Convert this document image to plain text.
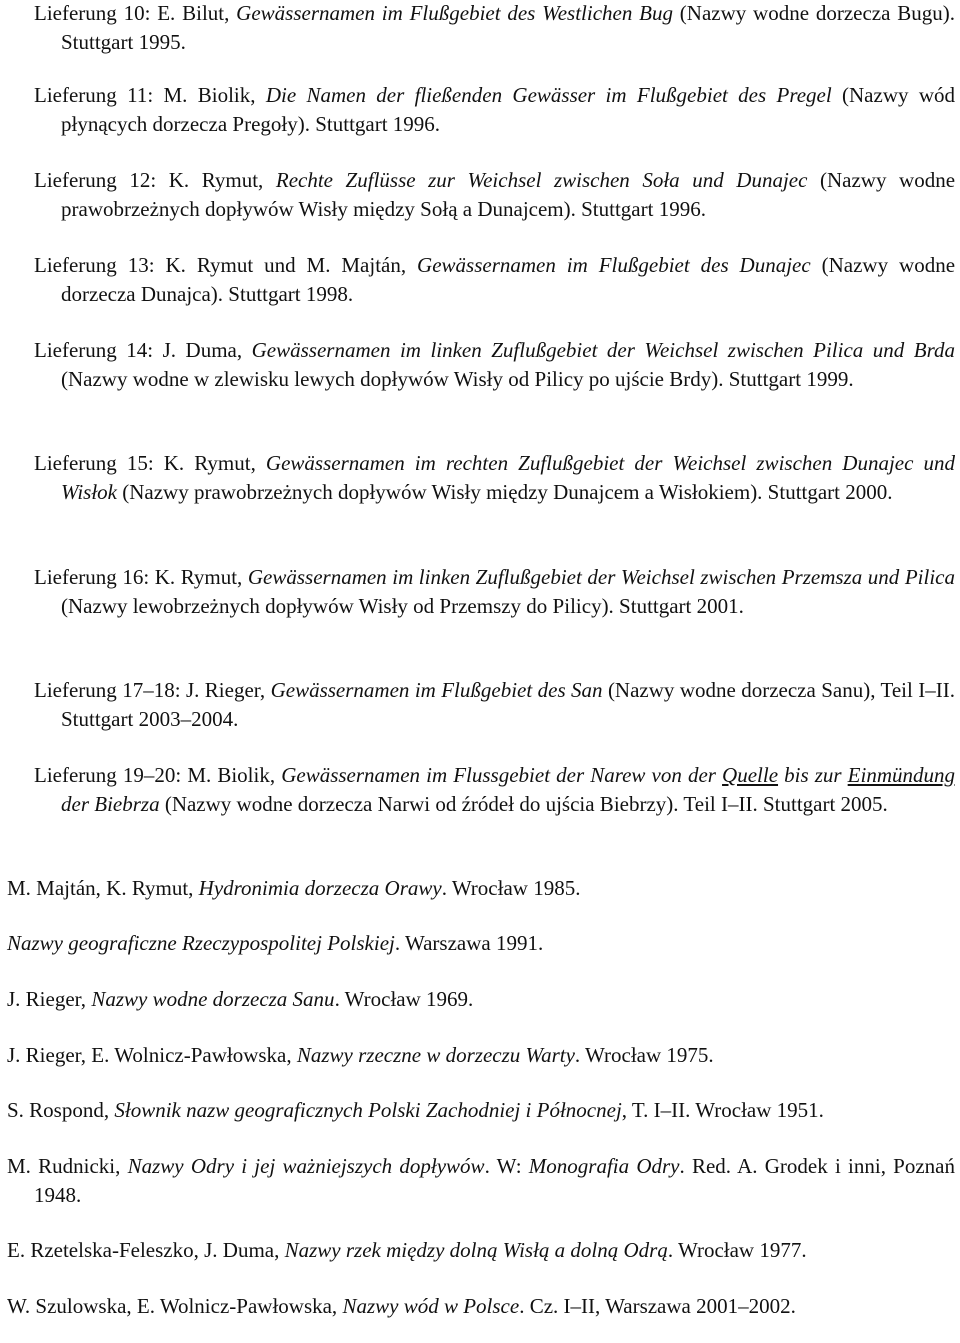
Lieferung 10: E. Bilut, Gewässernamen im Flußgebiet des Westlichen Bug (Nazwy wodne dorzecza Bugu). Stuttgart 1995.

Lieferung 11: M. Biolik, Die Namen der fließenden Gewässer im Flußgebiet des Pregel (Nazwy wód płynących dorzecza Pregoły). Stuttgart 1996.

Lieferung 12: K. Rymut, Rechte Zuflüsse zur Weichsel zwischen Soła und Dunajec (Nazwy wodne prawobrzeżnych dopływów Wisły między Sołą a Dunajcem). Stuttgart 1996.

Lieferung 13: K. Rymut und M. Majtán, Gewässernamen im Flußgebiet des Dunajec (Nazwy wodne dorzecza Dunajca). Stuttgart 1998.

Lieferung 14: J. Duma, Gewässernamen im linken Zuflußgebiet der Weichsel zwischen Pilica und Brda (Nazwy wodne w zlewisku lewych dopływów Wisły od Pilicy po ujście Brdy). Stuttgart 1999.

Lieferung 15: K. Rymut, Gewässernamen im rechten Zuflußgebiet der Weichsel zwischen Dunajec und Wisłok (Nazwy prawobrzeżnych dopływów Wisły między Dunajcem a Wisłokiem). Stuttgart 2000.

Lieferung 16: K. Rymut, Gewässernamen im linken Zuflußgebiet der Weichsel zwischen Przemsza und Pilica (Nazwy lewobrzeżnych dopływów Wisły od Przemszy do Pilicy). Stuttgart 2001.

Lieferung 17–18: J. Rieger, Gewässernamen im Flußgebiet des San (Nazwy wodne dorzecza Sanu), Teil I–II. Stuttgart 2003–2004.

Lieferung 19–20: M. Biolik, Gewässernamen im Flussgebiet der Narew von der Quelle bis zur Einmündung der Biebrza (Nazwy wodne dorzecza Narwi od źródeł do ujścia Biebrzy). Teil I–II. Stuttgart 2005.

M. Majtán, K. Rymut, Hydronimia dorzecza Orawy. Wrocław 1985.

Nazwy geograficzne Rzeczypospolitej Polskiej. Warszawa 1991.

J. Rieger, Nazwy wodne dorzecza Sanu. Wrocław 1969.

J. Rieger, E. Wolnicz-Pawłowska, Nazwy rzeczne w dorzeczu Warty. Wrocław 1975.

S. Rospond, Słownik nazw geograficznych Polski Zachodniej i Północnej, T. I–II. Wrocław 1951.

M. Rudnicki, Nazwy Odry i jej ważniejszych dopływów. W: Monografia Odry. Red. A. Grodek i inni, Poznań 1948.

E. Rzetelska-Feleszko, J. Duma, Nazwy rzek między dolną Wisłą a dolną Odrą. Wrocław 1977.

W. Szulowska, E. Wolnicz-Pawłowska, Nazwy wód w Polsce. Cz. I–II, Warszawa 2001–2002.
